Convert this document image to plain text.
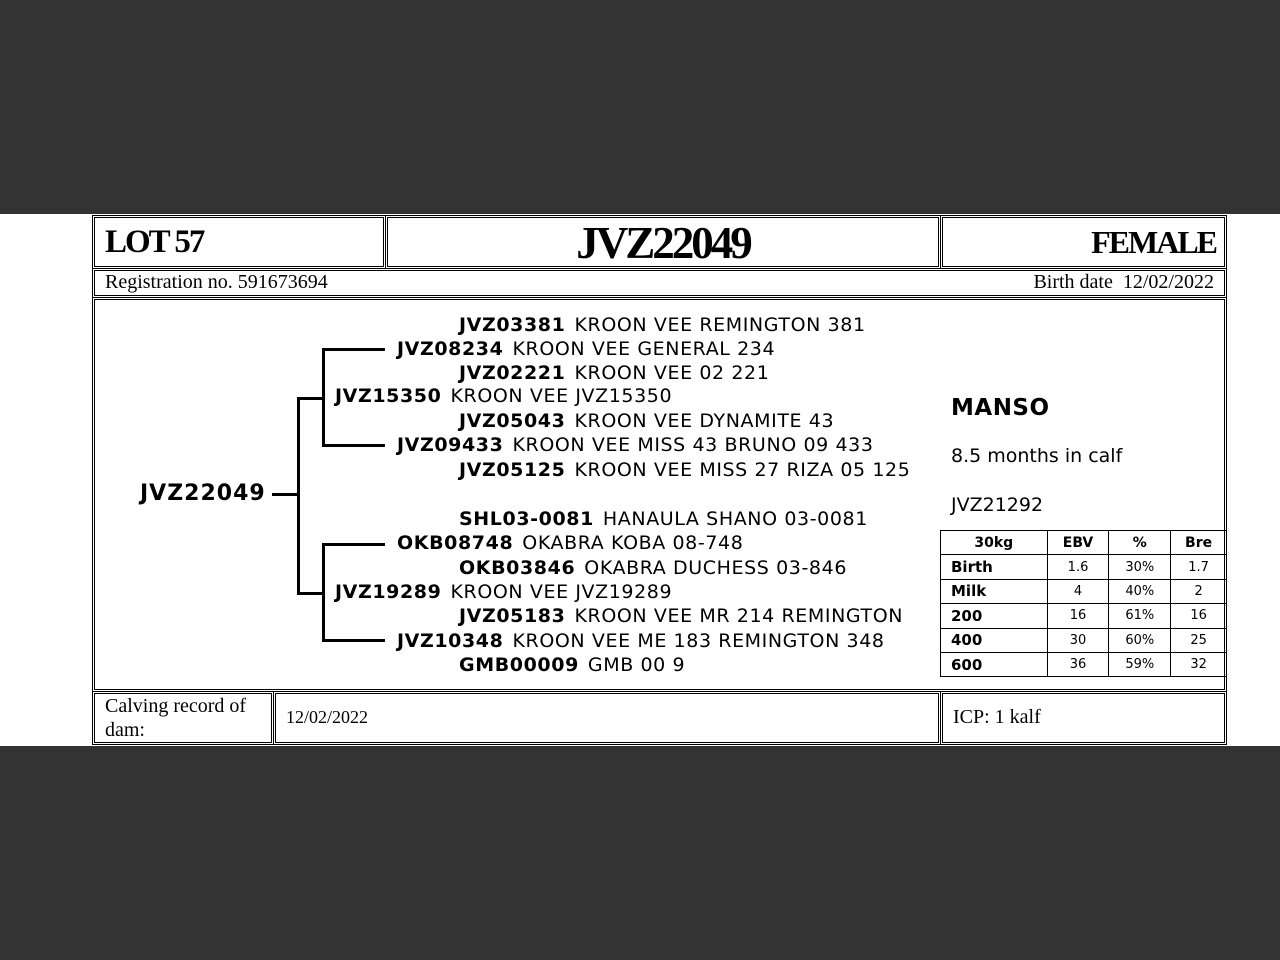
LOT 57	JVZ22049	FEMALE
Registration no. 591673694	Birth date 12/02/2022
JVZ22049
JVZ03381 KROON VEE REMINGTON 381
JVZ08234 KROON VEE GENERAL 234
JVZ02221 KROON VEE 02 221
JVZ15350 KROON VEE JVZ15350
JVZ05043 KROON VEE DYNAMITE 43
JVZ09433 KROON VEE MISS 43 BRUNO 09 433
JVZ05125 KROON VEE MISS 27 RIZA 05 125
SHL03-0081 HANAULA SHANO 03-0081
OKB08748 OKABRA KOBA 08-748
OKB03846 OKABRA DUCHESS 03-846
JVZ19289 KROON VEE JVZ19289
JVZ05183 KROON VEE MR 214 REMINGTON
JVZ10348 KROON VEE ME 183 REMINGTON 348
GMB00009 GMB 00 9
MANSO
8.5 months in calf
JVZ21292
30kg	EBV	%	Bre
Birth	1.6	30%	1.7
Milk	4	40%	2
200	16	61%	16
400	30	60%	25
600	36	59%	32
Calving record of dam:
12/02/2022	ICP: 1 kalf
